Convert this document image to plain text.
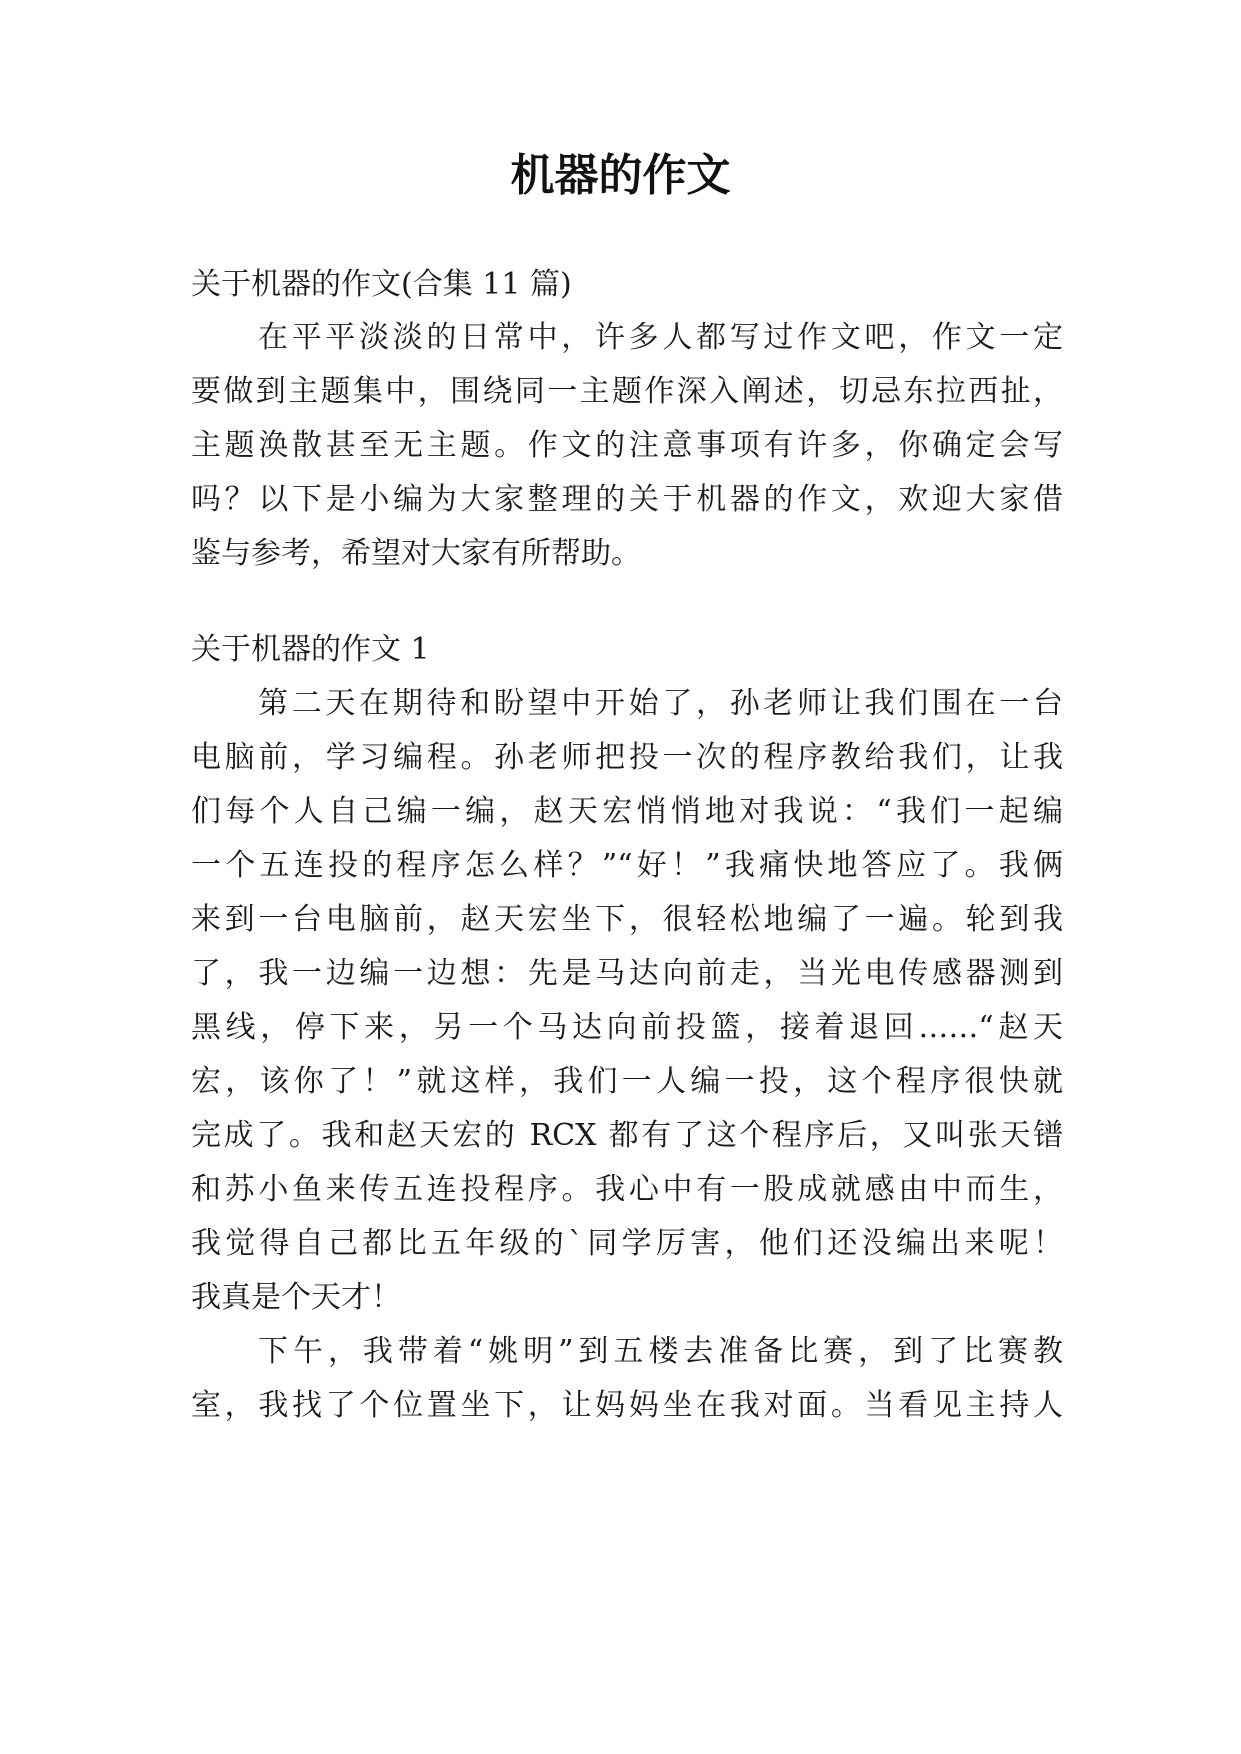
机器的作文
关于机器的作文(合集 11 篇)
在平平淡淡的日常中，许多人都写过作文吧，作文一定
要做到主题集中，围绕同一主题作深入阐述，切忌东拉西扯，
主题涣散甚至无主题。作文的注意事项有许多，你确定会写
吗？以下是小编为大家整理的关于机器的作文，欢迎大家借
鉴与参考，希望对大家有所帮助。
关于机器的作文 1
第二天在期待和盼望中开始了，孙老师让我们围在一台
电脑前，学习编程。孙老师把投一次的程序教给我们，让我
们每个人自己编一编，赵天宏悄悄地对我说：“我们一起编
一个五连投的程序怎么样？”“好！”我痛快地答应了。我俩
来到一台电脑前，赵天宏坐下，很轻松地编了一遍。轮到我
了，我一边编一边想：先是马达向前走，当光电传感器测到
黑线，停下来，另一个马达向前投篮，接着退回……“赵天
宏，该你了！”就这样，我们一人编一投，这个程序很快就
完成了。我和赵天宏的 RCX 都有了这个程序后，又叫张天镨
和苏小鱼来传五连投程序。我心中有一股成就感由中而生，
我觉得自己都比五年级的`同学厉害，他们还没编出来呢！
我真是个天才！
下午，我带着“姚明”到五楼去准备比赛，到了比赛教
室，我找了个位置坐下，让妈妈坐在我对面。当看见主持人
